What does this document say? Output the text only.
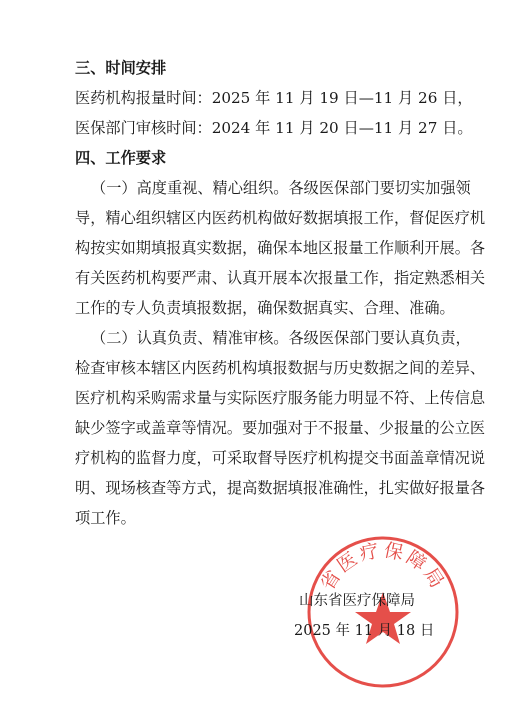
三、时间安排
医药机构报量时间：2025 年 11 月 19 日—11 月 26 日，
医保部门审核时间：2024 年 11 月 20 日—11 月 27 日。
四、工作要求
（一）高度重视、精心组织。各级医保部门要切实加强领
导，精心组织辖区内医药机构做好数据填报工作，督促医疗机
构按实如期填报真实数据，确保本地区报量工作顺利开展。各
有关医药机构要严肃、认真开展本次报量工作，指定熟悉相关
工作的专人负责填报数据，确保数据真实、合理、准确。
（二）认真负责、精准审核。各级医保部门要认真负责，
检查审核本辖区内医药机构填报数据与历史数据之间的差异、
医疗机构采购需求量与实际医疗服务能力明显不符、上传信息
缺少签字或盖章等情况。要加强对于不报量、少报量的公立医
疗机构的监督力度，可采取督导医疗机构提交书面盖章情况说
明、现场核查等方式，提高数据填报准确性，扎实做好报量各
项工作。
省医疗保障局
山东省医疗保障局
2025 年 11 月 18 日
